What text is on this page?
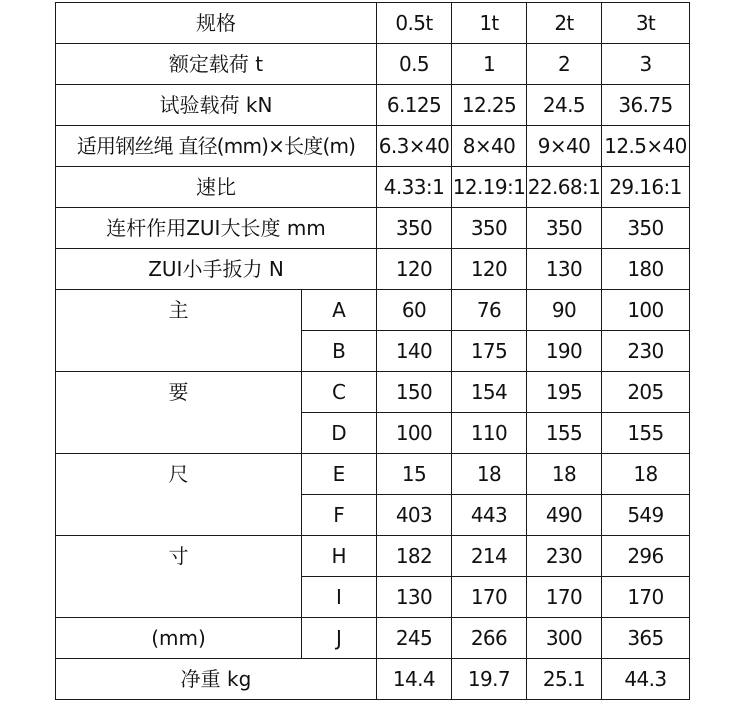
规格		0.5t	1t	2t	3t
额定载荷 t		0.5	1	2	3
试验载荷 kN		6.125	12.25	24.5	36.75
适用钢丝绳 直径(mm)×长度(m)		6.3×40	8×40	9×40	12.5×40
速比		4.33:1	12.19:1	22.68:1	29.16:1
连杆作用ZUI大长度 mm		350	350	350	350
ZUI小手扳力 N		120	120	130	180
主	A	60	76	90	100
	B	140	175	190	230
要	C	150	154	195	205
	D	100	110	155	155
尺	E	15	18	18	18
	F	403	443	490	549
寸	H	182	214	230	296
	I	130	170	170	170
(mm)	J	245	266	300	365
净重 kg		14.4	19.7	25.1	44.3
